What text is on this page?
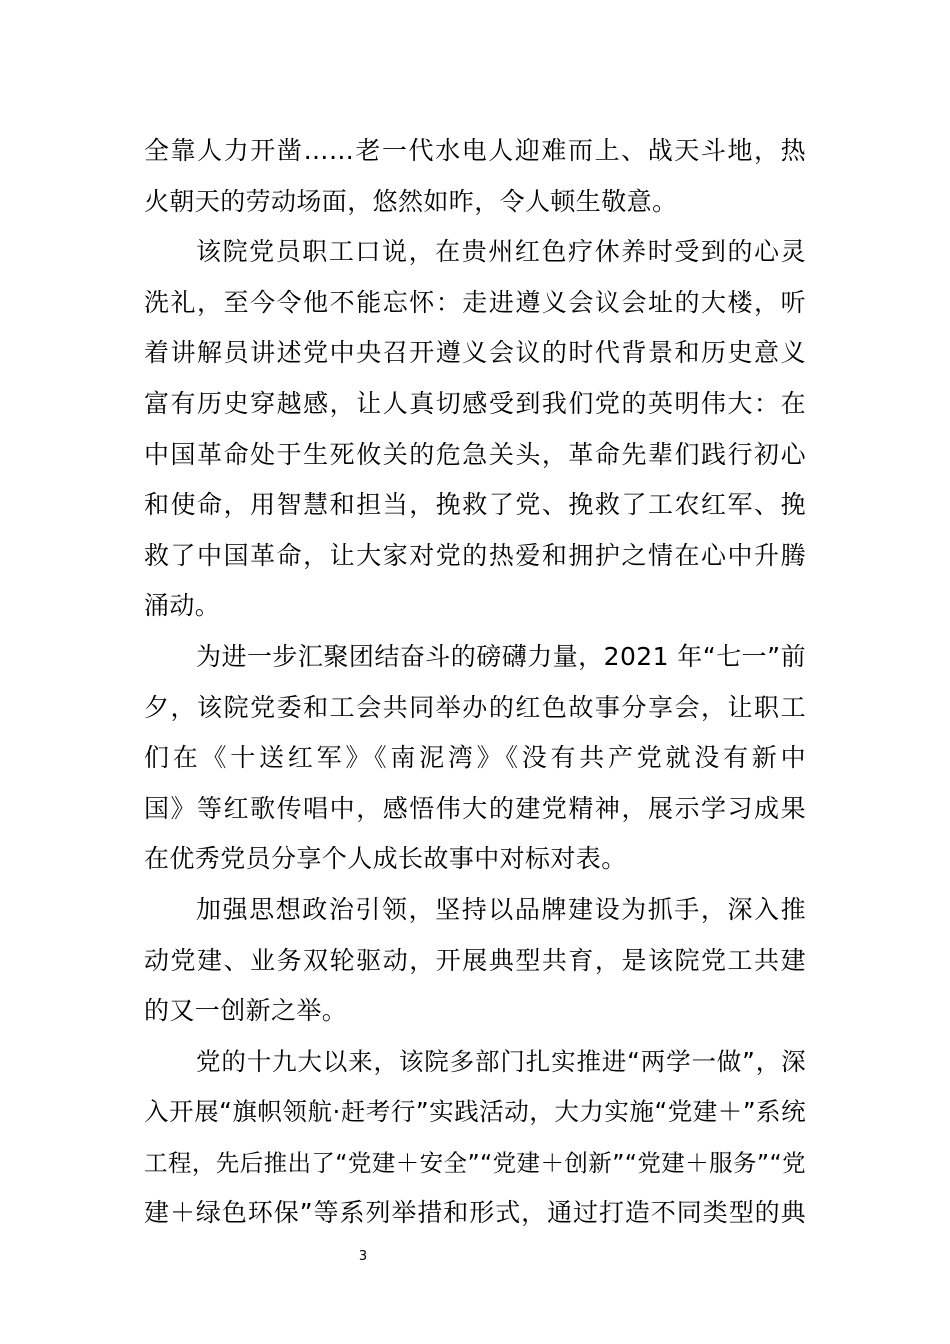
全靠人力开凿……老一代水电人迎难而上、战天斗地，热
火朝天的劳动场面，悠然如昨，令人顿生敬意。
该院党员职工口说，在贵州红色疗休养时受到的心灵
洗礼，至今令他不能忘怀：走进遵义会议会址的大楼，听
着讲解员讲述党中央召开遵义会议的时代背景和历史意义
富有历史穿越感，让人真切感受到我们党的英明伟大：在
中国革命处于生死攸关的危急关头，革命先辈们践行初心
和使命，用智慧和担当，挽救了党、挽救了工农红军、挽
救了中国革命，让大家对党的热爱和拥护之情在心中升腾
涌动。
为进一步汇聚团结奋斗的磅礴力量，2021 年“七一”前
夕，该院党委和工会共同举办的红色故事分享会，让职工
们在《十送红军》《南泥湾》《没有共产党就没有新中
国》等红歌传唱中，感悟伟大的建党精神，展示学习成果
在优秀党员分享个人成长故事中对标对表。
加强思想政治引领，坚持以品牌建设为抓手，深入推
动党建、业务双轮驱动，开展典型共育，是该院党工共建
的又一创新之举。
党的十九大以来，该院多部门扎实推进“两学一做”，深
入开展“旗帜领航·赶考行”实践活动，大力实施“党建＋”系统
工程，先后推出了“党建＋安全”“党建＋创新”“党建＋服务”“党
建＋绿色环保”等系列举措和形式，通过打造不同类型的典
3
